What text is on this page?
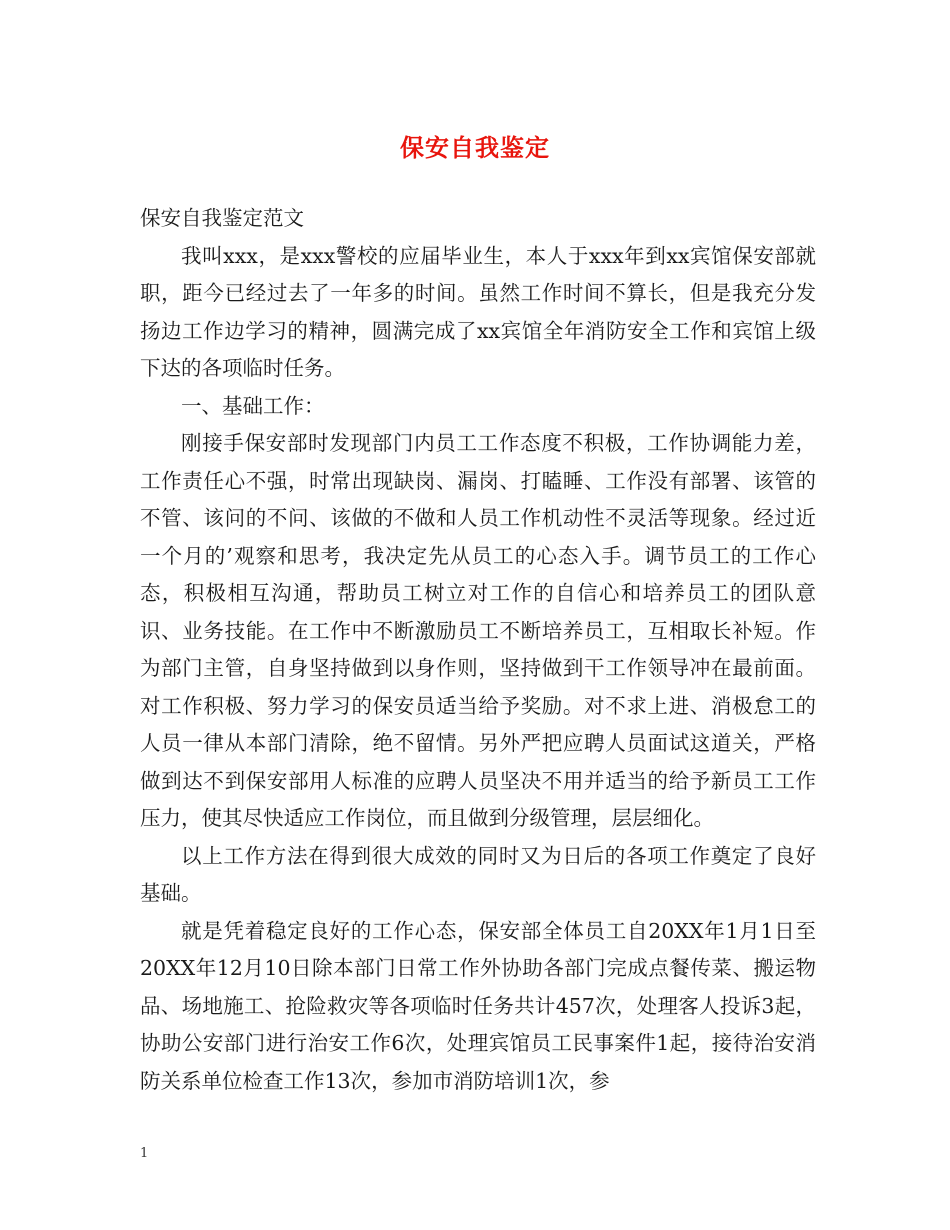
保安自我鉴定

保安自我鉴定范文

我叫xxx，是xxx警校的应届毕业生，本人于xxx年到xx宾馆保安部就职，距今已经过去了一年多的时间。虽然工作时间不算长，但是我充分发扬边工作边学习的精神，圆满完成了xx宾馆全年消防安全工作和宾馆上级下达的各项临时任务。

一、基础工作：

刚接手保安部时发现部门内员工工作态度不积极，工作协调能力差，工作责任心不强，时常出现缺岗、漏岗、打瞌睡、工作没有部署、该管的不管、该问的不问、该做的不做和人员工作机动性不灵活等现象。经过近一个月的’观察和思考，我决定先从员工的心态入手。调节员工的工作心态，积极相互沟通，帮助员工树立对工作的自信心和培养员工的团队意识、业务技能。在工作中不断激励员工不断培养员工，互相取长补短。作为部门主管，自身坚持做到以身作则，坚持做到干工作领导冲在最前面。对工作积极、努力学习的保安员适当给予奖励。对不求上进、消极怠工的人员一律从本部门清除，绝不留情。另外严把应聘人员面试这道关，严格做到达不到保安部用人标准的应聘人员坚决不用并适当的给予新员工工作压力，使其尽快适应工作岗位，而且做到分级管理，层层细化。

以上工作方法在得到很大成效的同时又为日后的各项工作奠定了良好基础。

就是凭着稳定良好的工作心态，保安部全体员工自20XX年1月1日至20XX年12月10日除本部门日常工作外协助各部门完成点餐传菜、搬运物品、场地施工、抢险救灾等各项临时任务共计457次，处理客人投诉3起，协助公安部门进行治安工作6次，处理宾馆员工民事案件1起，接待治安消防关系单位检查工作13次，参加市消防培训1次，参

1
